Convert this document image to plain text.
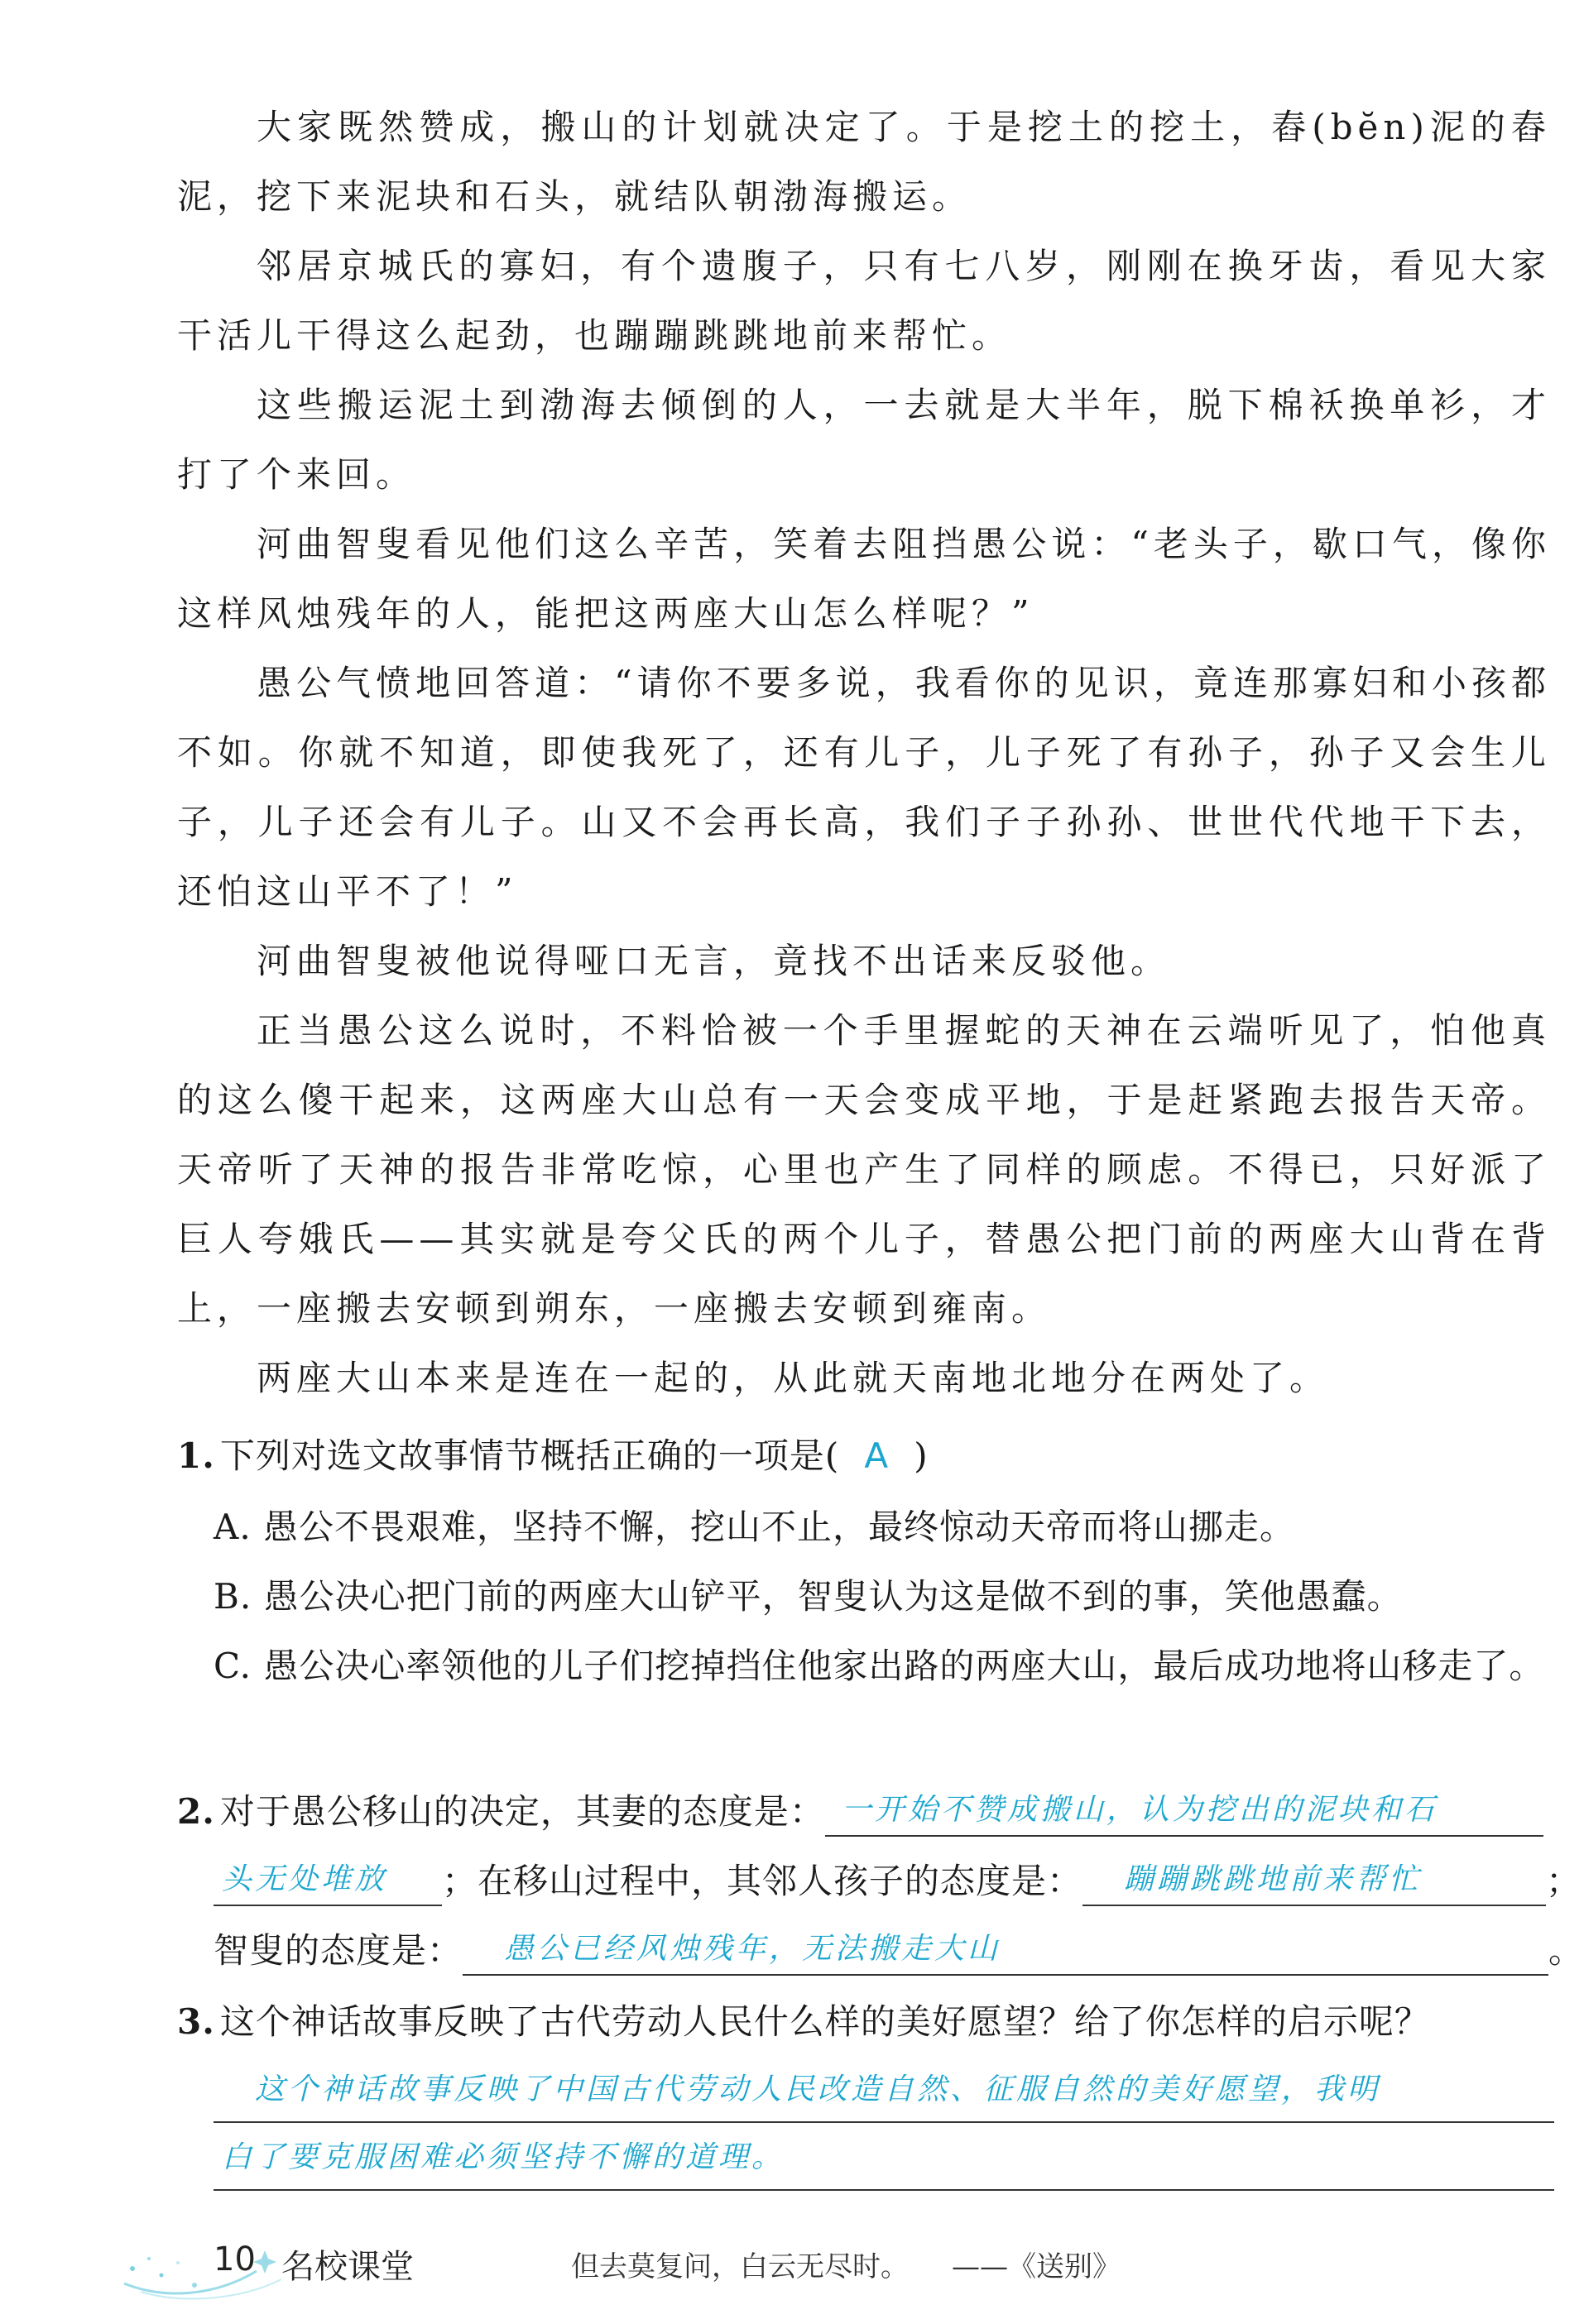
大家既然赞成，搬山的计划就决定了。于是挖土的挖土，舂(bĕn)泥的舂泥，挖下来泥块和石头，就结队朝渤海搬运。

邻居京城氏的寡妇，有个遗腹子，只有七八岁，刚刚在换牙齿，看见大家干活儿干得这么起劲，也蹦蹦跳跳地前来帮忙。

这些搬运泥土到渤海去倾倒的人，一去就是大半年，脱下棉袄换单衫，才打了个来回。

河曲智叟看见他们这么辛苦，笑着去阻挡愚公说：“老头子，歇口气，像你这样风烛残年的人，能把这两座大山怎么样呢？”

愚公气愤地回答道：“请你不要多说，我看你的见识，竟连那寡妇和小孩都不如。你就不知道，即使我死了，还有儿子，儿子死了有孙子，孙子又会生儿子，儿子还会有儿子。山又不会再长高，我们子子孙孙、世世代代地干下去，还怕这山平不了！”

河曲智叟被他说得哑口无言，竟找不出话来反驳他。

正当愚公这么说时，不料恰被一个手里握蛇的天神在云端听见了，怕他真的这么傻干起来，这两座大山总有一天会变成平地，于是赶紧跑去报告天帝。天帝听了天神的报告非常吃惊，心里也产生了同样的顾虑。不得已，只好派了巨人夸娥氏——其实就是夸父氏的两个儿子，替愚公把门前的两座大山背在背上，一座搬去安顿到朔东，一座搬去安顿到雍南。

两座大山本来是连在一起的，从此就天南地北地分在两处了。

1. 下列对选文故事情节概括正确的一项是( A )

A. 愚公不畏艰难，坚持不懈，挖山不止，最终惊动天帝而将山挪走。

B. 愚公决心把门前的两座大山铲平，智叟认为这是做不到的事，笑他愚蠢。

C. 愚公决心率领他的儿子们挖掉挡住他家出路的两座大山，最后成功地将山移走了。

2. 对于愚公移山的决定，其妻的态度是： 一开始不赞成搬山，认为挖出的泥块和石
头无处堆放 ；在移山过程中，其邻人孩子的态度是： 蹦蹦跳跳地前来帮忙	；
智叟的态度是： 愚公已经风烛残年，无法搬走大山	。
3. 这个神话故事反映了古代劳动人民什么样的美好愿望？给了你怎样的启示呢？
这个神话故事反映了中国古代劳动人民改造自然、征服自然的美好愿望，我明
白了要克服困难必须坚持不懈的道理。
10 名校课堂	但去莫复问，白云无尽时。 ——《送别》
